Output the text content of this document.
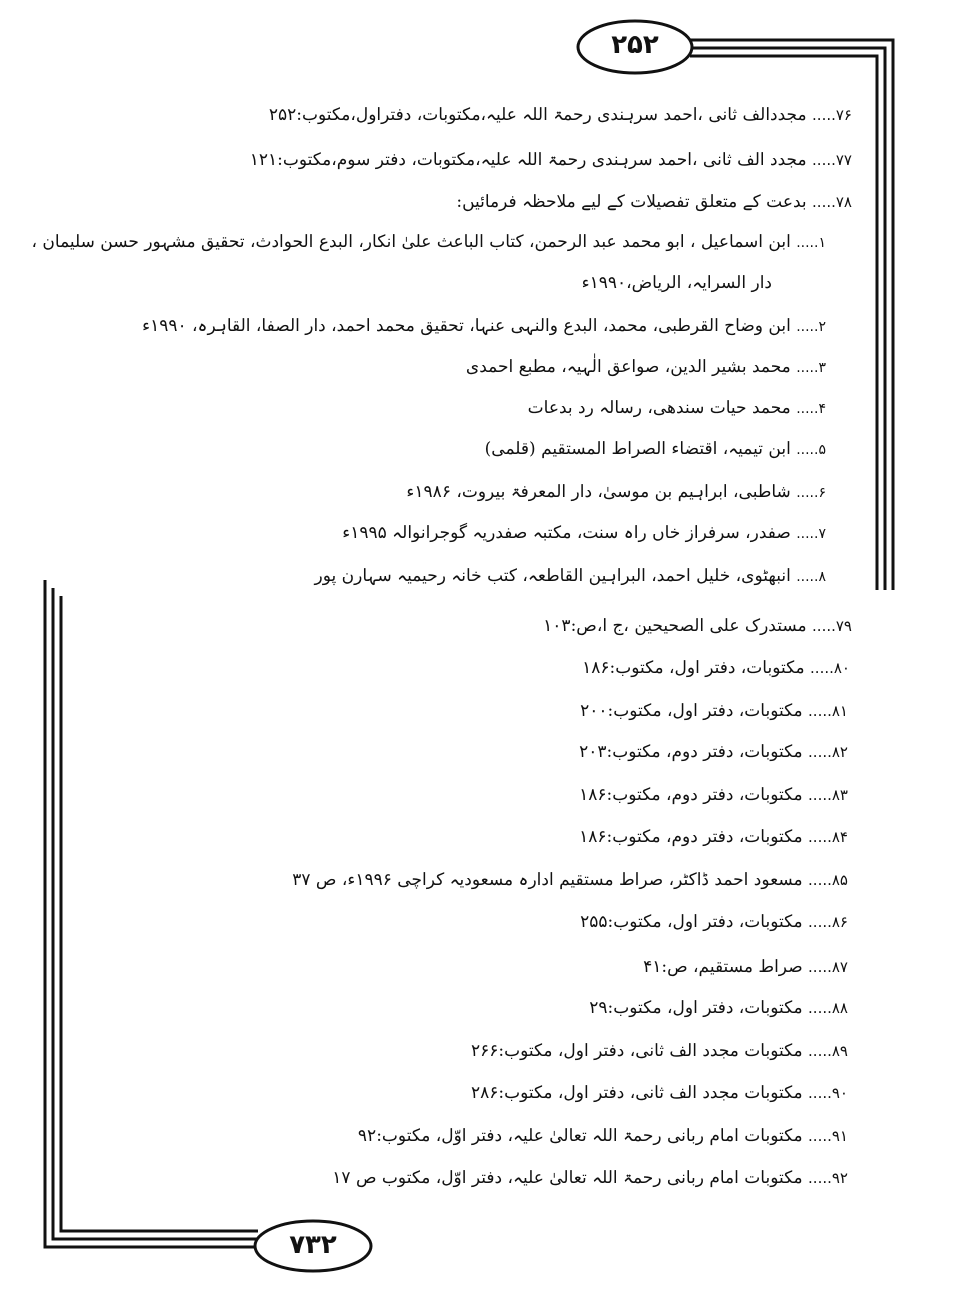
۲۵۲
۷۳۲
۷۶..... مجددالف ثانی ،احمد سرہندی رحمۃ اللہ علیہ،مکتوبات، دفتراول،مکتوب:۲۵۲
۷۷..... مجدد الف ثانی ،احمد سرہندی رحمۃ اللہ علیہ،مکتوبات، دفتر سوم،مکتوب:۱۲۱
۷۸..... بدعت کے متعلق تفصیلات کے لیے ملاحظہ فرمائیں:
۱..... ابن اسماعیل ، ابو محمد عبد الرحمن، کتاب الباعث علیٰ انکار، البدع الحوادث، تحقیق مشہور حسن سلیمان ،
دار السرایہ، الریاض،۱۹۹۰ء
۲..... ابن وضاح القرطبی، محمد، البدع والنہی عنہا، تحقیق محمد احمد، دار الصفا، القاہرہ، ۱۹۹۰ء
۳..... محمد بشیر الدین، صواعق الٰہیہ، مطبع احمدی
۴..... محمد حیات سندھی، رسالہ رد بدعات
۵..... ابن تیمیہ، اقتضاء الصراط المستقیم (قلمی)
۶..... شاطبی، ابراہیم بن موسیٰ، دار المعرفۃ بیروت، ۱۹۸۶ء
۷..... صفدر، سرفراز خاں راہ سنت، مکتبہ صفدریہ گوجرانوالہ ۱۹۹۵ء
۸..... انبھٹوی، خلیل احمد، البراہین القاطعہ، کتب خانہ رحیمیہ سہارن پور
۷۹..... مستدرک علی الصحیحین ،ج ا،ص:۱۰۳
۸۰..... مکتوبات، دفتر اول، مکتوب:۱۸۶
۸۱..... مکتوبات، دفتر اول، مکتوب:۲۰۰
۸۲..... مکتوبات، دفتر دوم، مکتوب:۲۰۳
۸۳..... مکتوبات، دفتر دوم، مکتوب:۱۸۶
۸۴..... مکتوبات، دفتر دوم، مکتوب:۱۸۶
۸۵..... مسعود احمد ڈاکٹر، صراط مستقیم ادارہ مسعودیہ کراچی ۱۹۹۶ء، ص ۳۷
۸۶..... مکتوبات، دفتر اول، مکتوب:۲۵۵
۸۷..... صراط مستقیم، ص:۴۱
۸۸..... مکتوبات، دفتر اول، مکتوب:۲۹
۸۹..... مکتوبات مجدد الف ثانی، دفتر اول، مکتوب:۲۶۶
۹۰..... مکتوبات مجدد الف ثانی، دفتر اول، مکتوب:۲۸۶
۹۱..... مکتوبات امام ربانی رحمۃ اللہ تعالیٰ علیہ، دفتر اوّل، مکتوب:۹۲
۹۲..... مکتوبات امام ربانی رحمۃ اللہ تعالیٰ علیہ، دفتر اوّل، مکتوب ص ۱۷
